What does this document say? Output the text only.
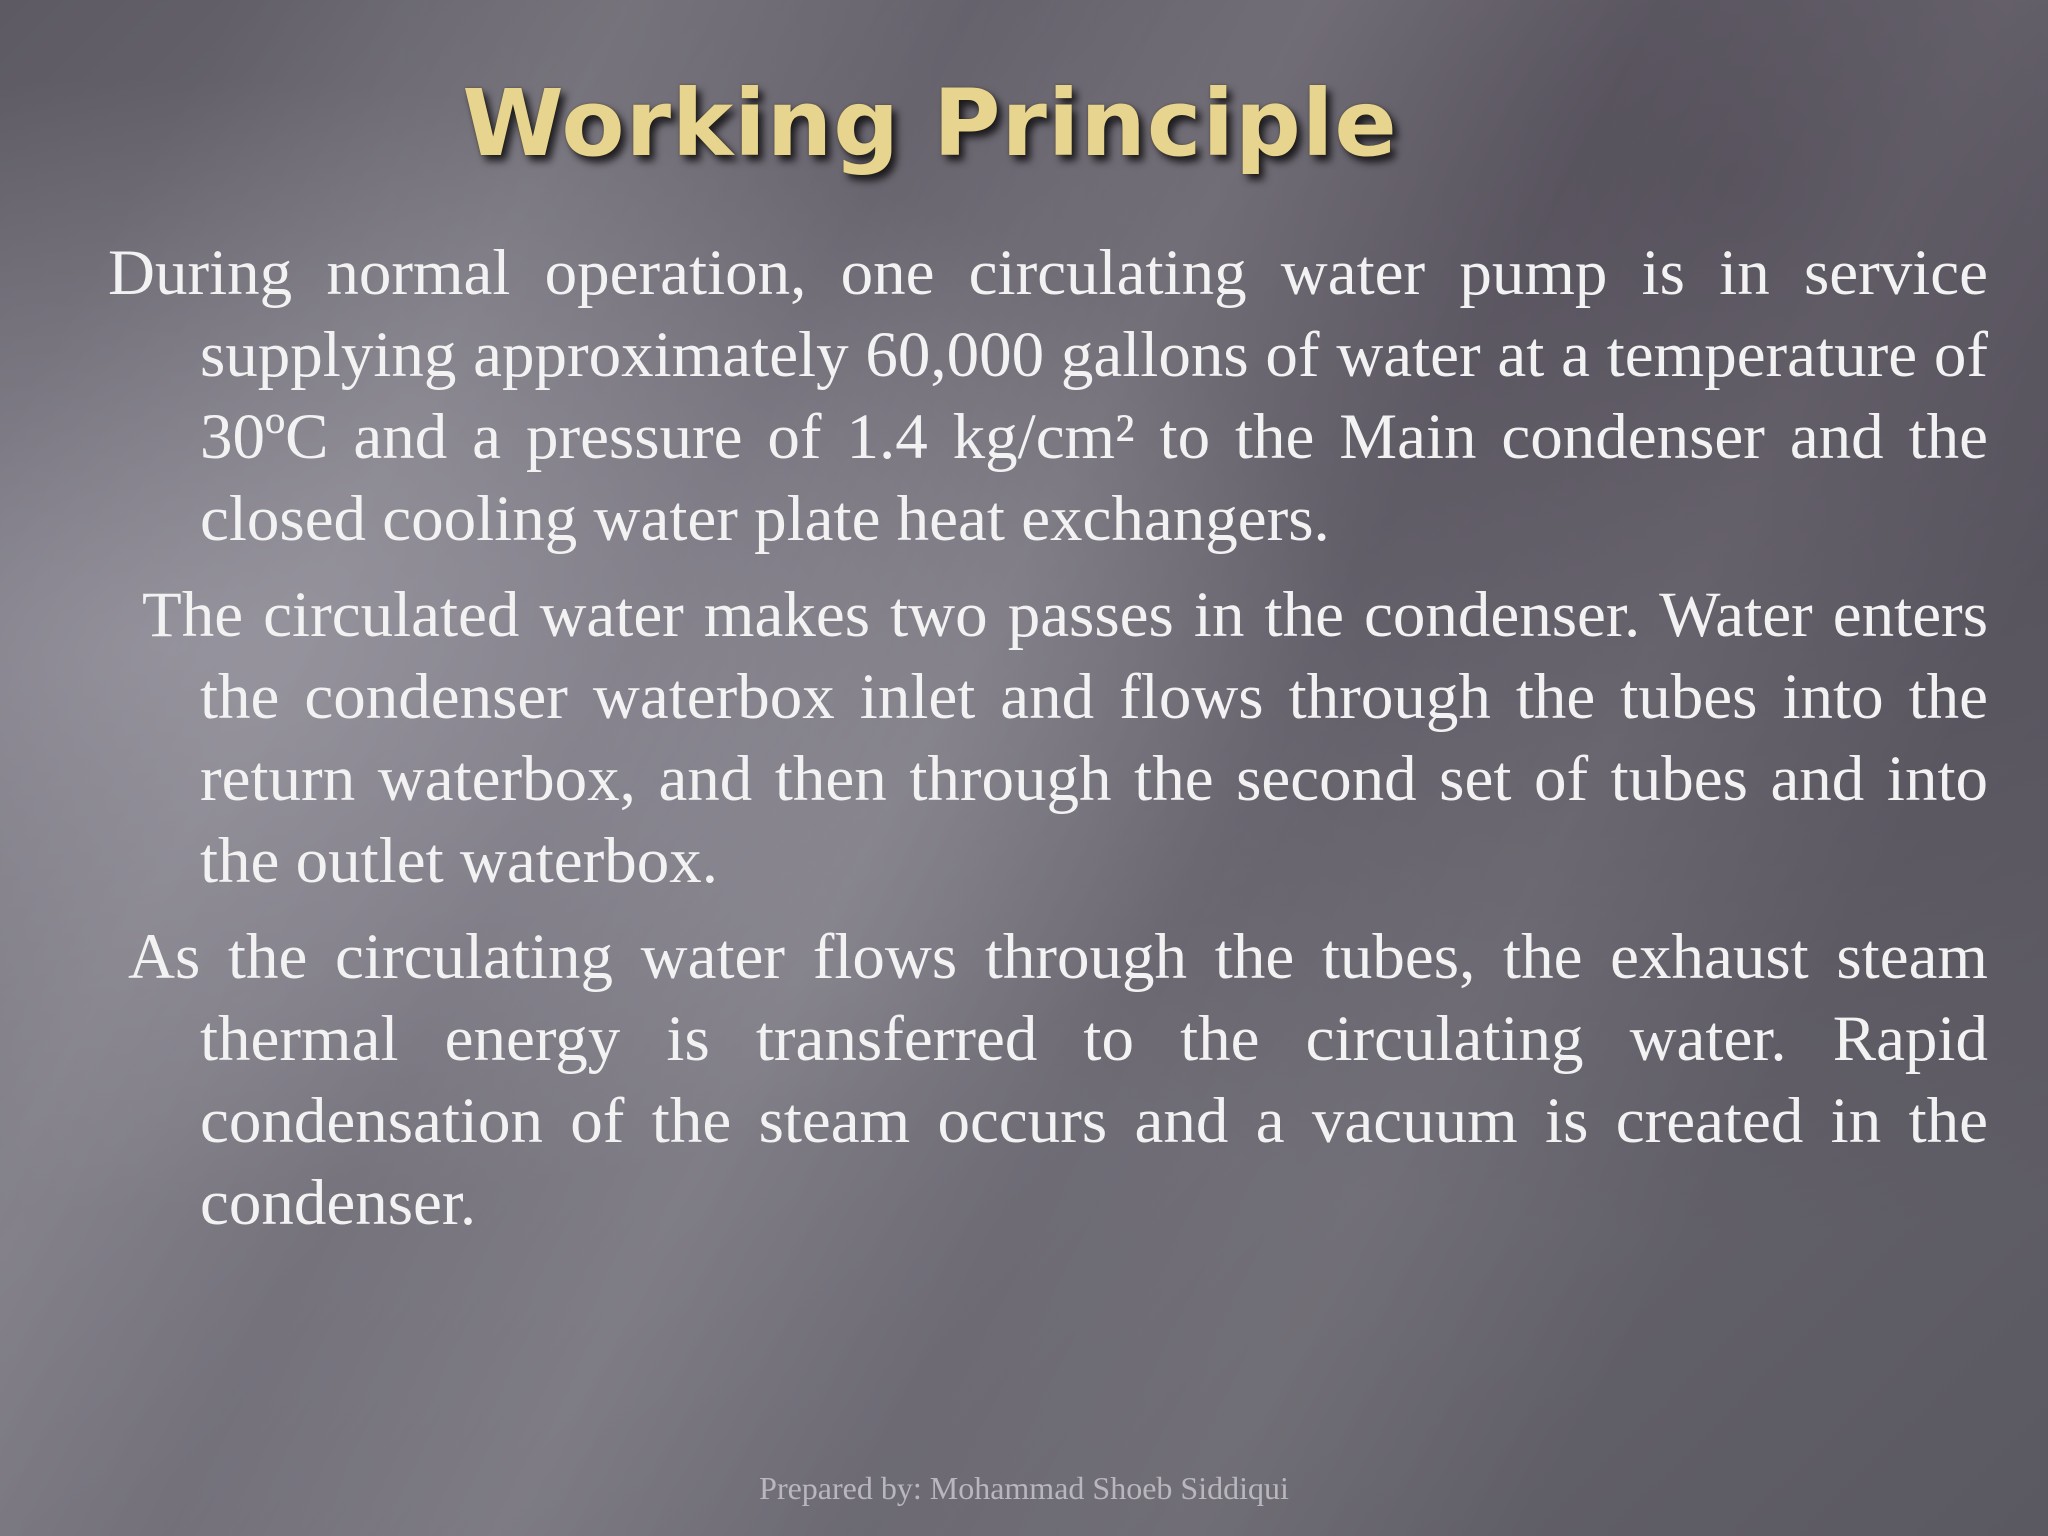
Working Principle

During normal operation, one circulating water pump is in service supplying approximately 60,000 gallons of water at a temperature of 30ºC and a pressure of 1.4 kg/cm² to the Main condenser and the closed cooling water plate heat exchangers.

The circulated water makes two passes in the condenser. Water enters the condenser waterbox inlet and flows through the tubes into the return waterbox, and then through the second set of tubes and into the outlet waterbox.

As the circulating water flows through the tubes, the exhaust steam thermal energy is transferred to the circulating water. Rapid condensation of the steam occurs and a vacuum is created in the condenser.

Prepared by: Mohammad Shoeb Siddiqui
